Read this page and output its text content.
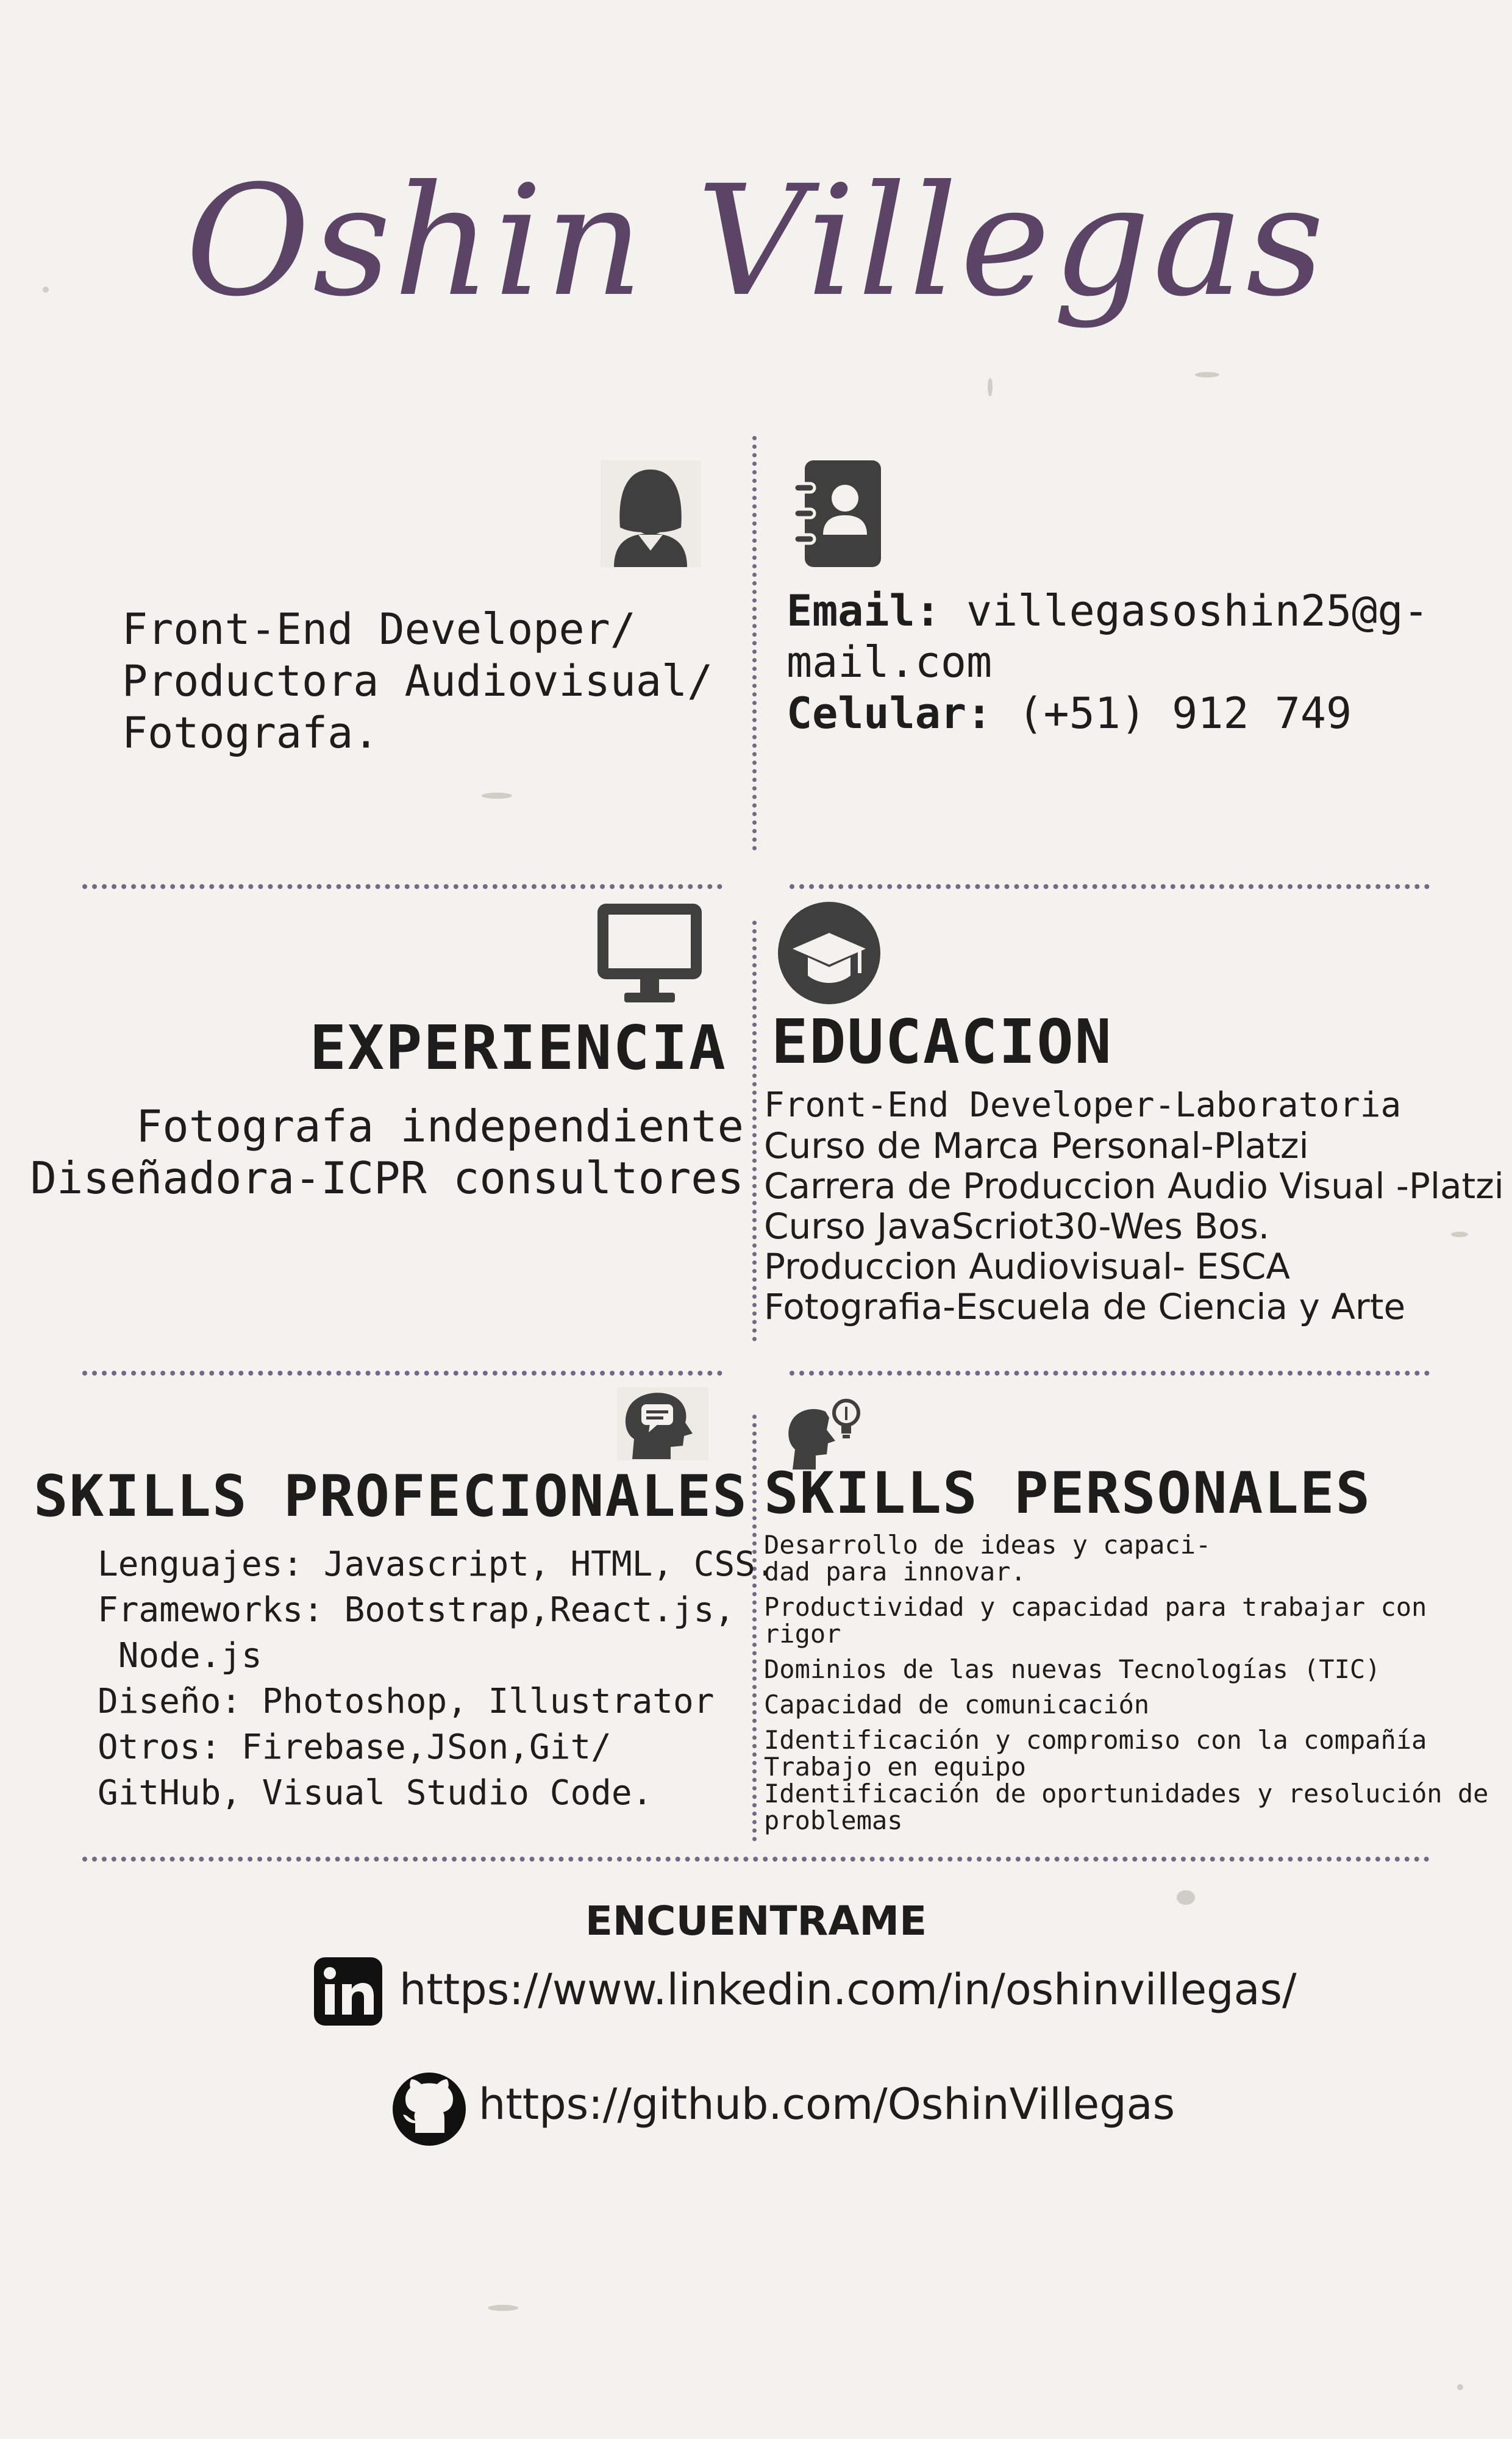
Oshin Villegas
Front-End Developer/
Productora Audiovisual/
Fotografa.
Email: villegasoshin25@g-
mail.com
Celular: (+51) 912 749
EXPERIENCIA
Fotografa independiente
Diseñadora-ICPR consultores
EDUCACION
Front-End Developer-Laboratoria
Curso de Marca Personal-Platzi
Carrera de Produccion Audio Visual -Platzi
Curso JavaScriot30-Wes Bos.
Produccion Audiovisual- ESCA
Fotografia-Escuela de Ciencia y Arte
SKILLS PROFECIONALES
Lenguajes: Javascript, HTML, CSS.
Frameworks: Bootstrap,React.js,
Node.js
Diseño: Photoshop, Illustrator
Otros: Firebase,JSon,Git/
GitHub, Visual Studio Code.
SKILLS PERSONALES
Desarrollo de ideas y capaci-
dad para innovar.
Productividad y capacidad para trabajar con
rigor
Dominios de las nuevas Tecnologías (TIC)
Capacidad de comunicación
Identificación y compromiso con la compañía
Trabajo en equipo
Identificación de oportunidades y resolución de
problemas
ENCUENTRAME
https://www.linkedin.com/in/oshinvillegas/
https://github.com/OshinVillegas
